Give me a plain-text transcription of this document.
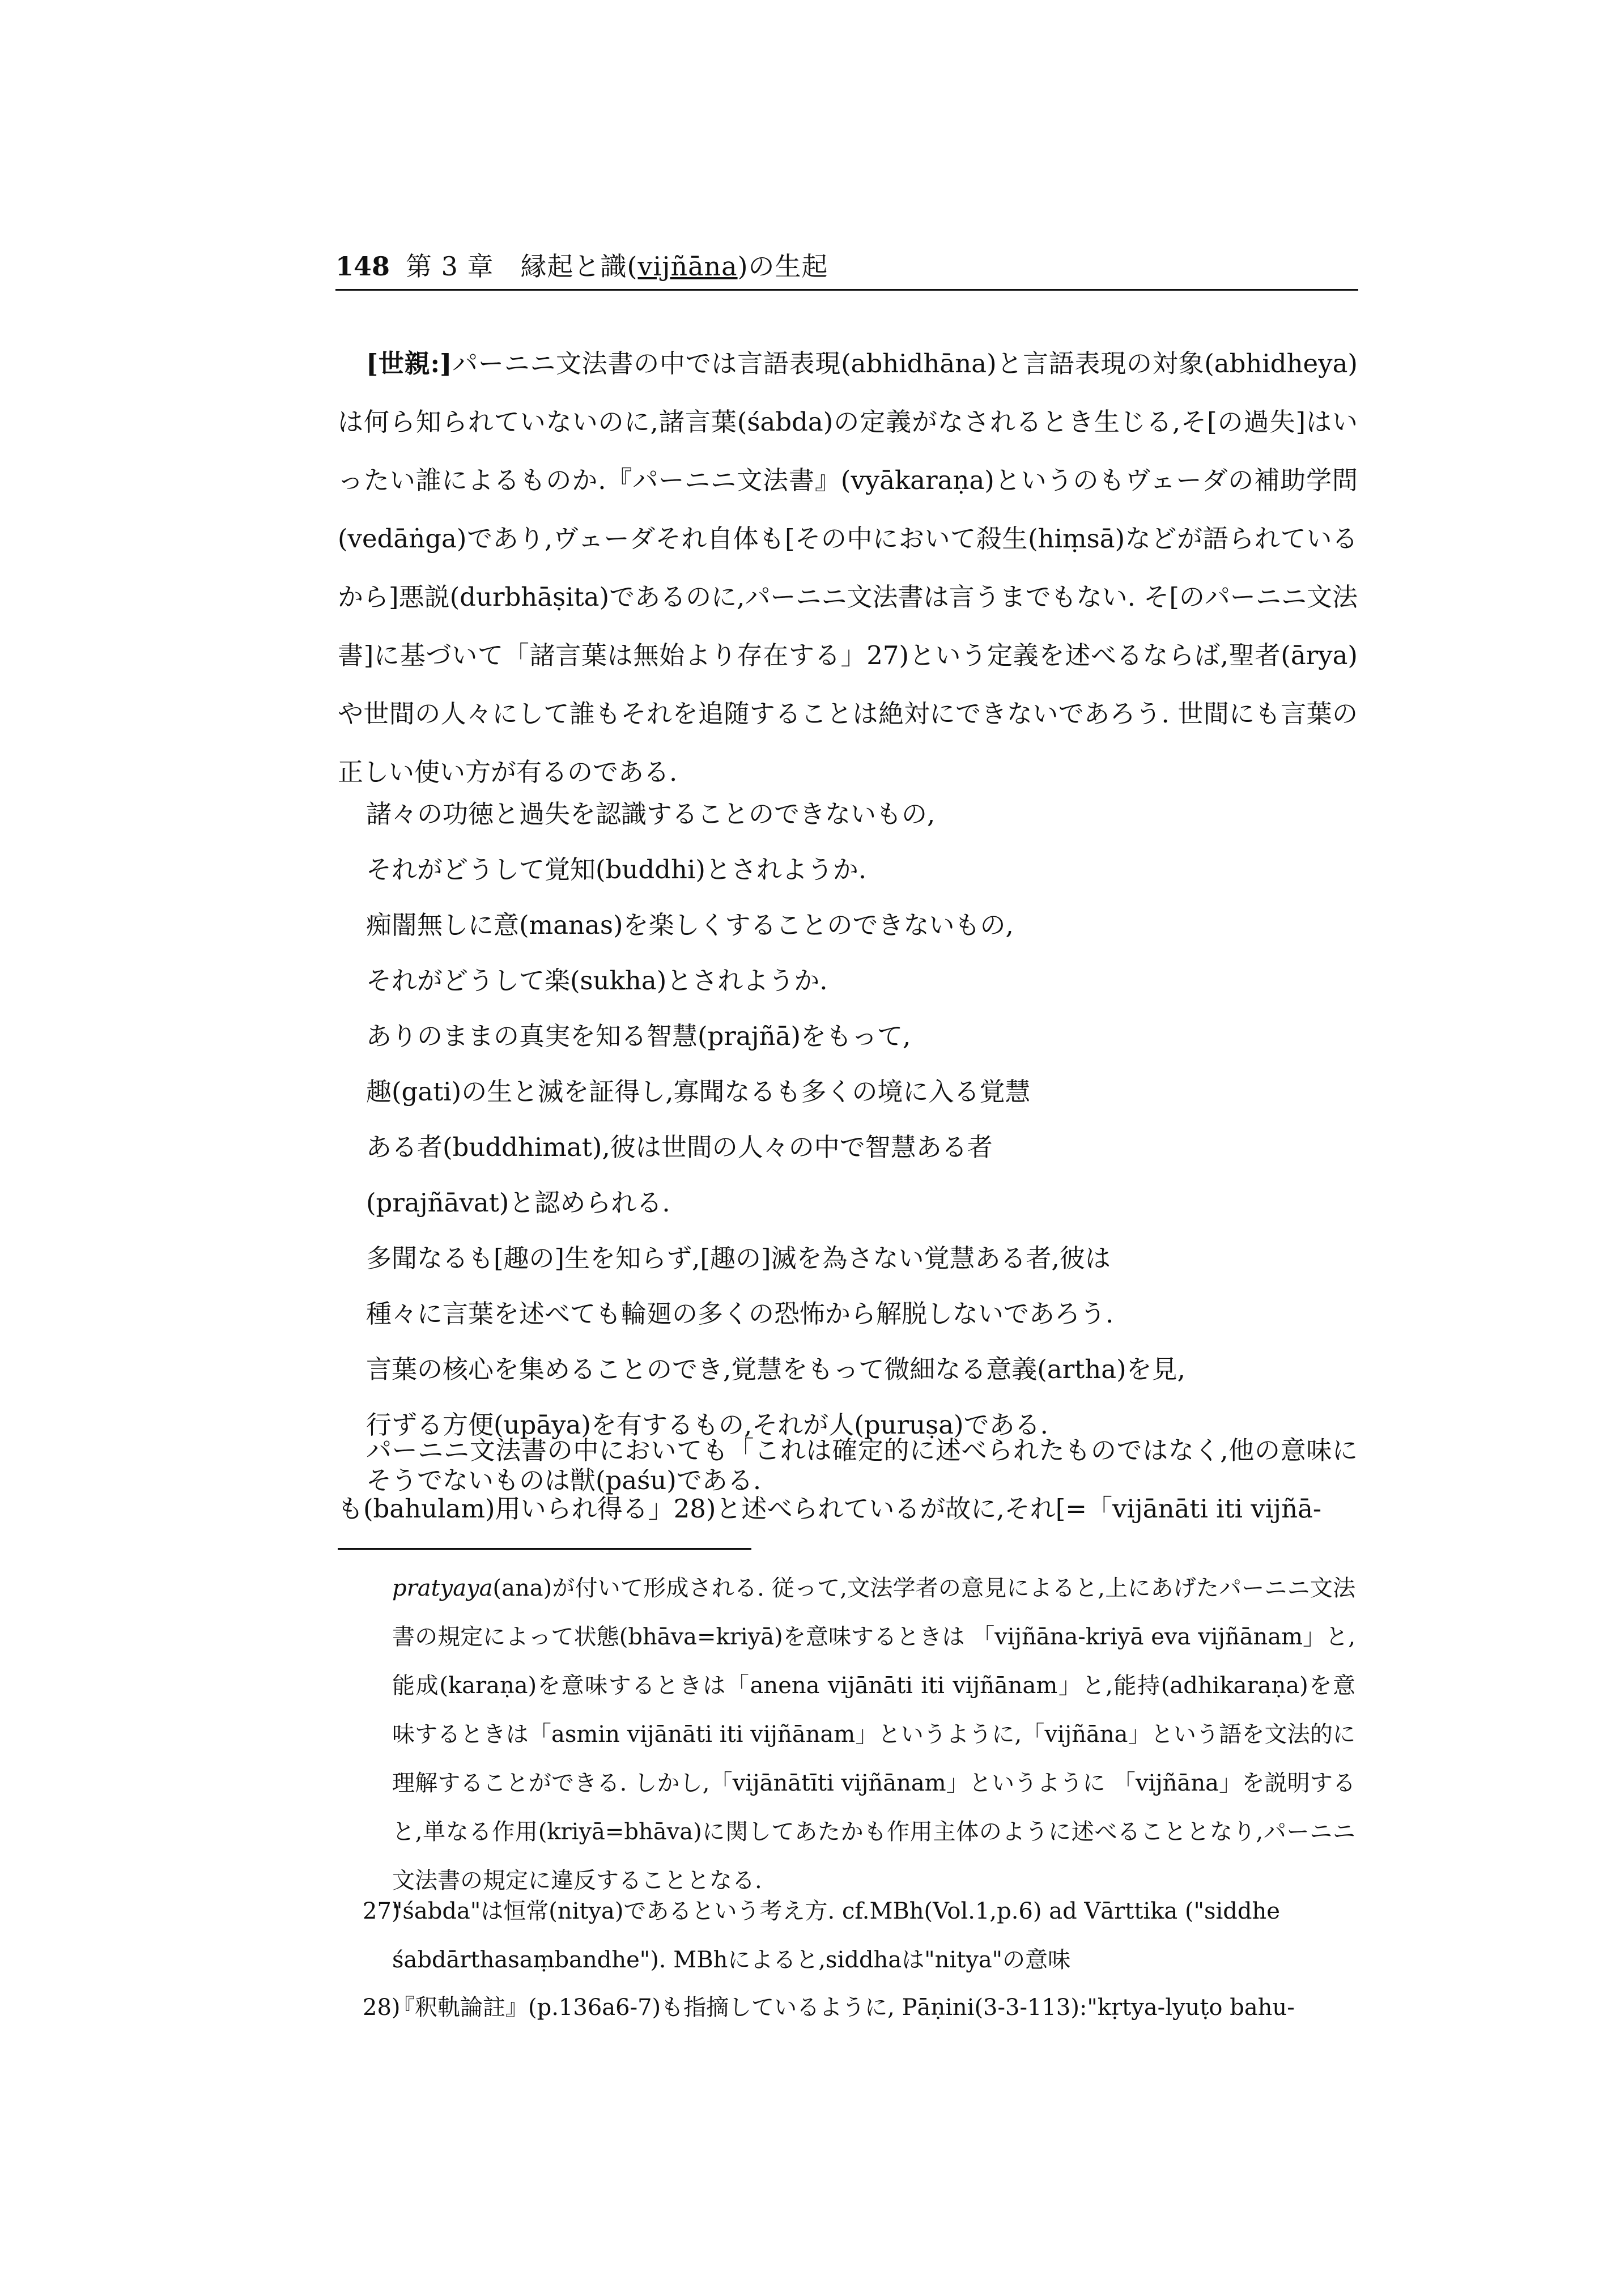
148 第 3 章　縁起と識(vijñāna)の生起
[世親:]パーニニ文法書の中では言語表現(abhidhāna)と言語表現の対象(abhidheya)は何ら知られていないのに,諸言葉(śabda)の定義がなされるとき生じる,そ[の過失]はいったい誰によるものか.『パーニニ文法書』(vyākaraṇa)というのもヴェーダの補助学問(vedāṅga)であり,ヴェーダそれ自体も[その中において殺生(hiṃsā)などが語られているから]悪説(durbhāṣita)であるのに,パーニニ文法書は言うまでもない. そ[のパーニニ文法書]に基づいて「諸言葉は無始より存在する」27)という定義を述べるならば,聖者(ārya)や世間の人々にして誰もそれを追随することは絶対にできないであろう. 世間にも言葉の正しい使い方が有るのである.
諸々の功徳と過失を認識することのできないもの,
それがどうして覚知(buddhi)とされようか.
痴闇無しに意(manas)を楽しくすることのできないもの,
それがどうして楽(sukha)とされようか.
ありのままの真実を知る智慧(prajñā)をもって,
趣(gati)の生と滅を証得し,寡聞なるも多くの境に入る覚慧
ある者(buddhimat),彼は世間の人々の中で智慧ある者
(prajñāvat)と認められる.
多聞なるも[趣の]生を知らず,[趣の]滅を為さない覚慧ある者,彼は
種々に言葉を述べても輪廻の多くの恐怖から解脱しないであろう.
言葉の核心を集めることのでき,覚慧をもって微細なる意義(artha)を見,
行ずる方便(upāya)を有するもの,それが人(puruṣa)である.
そうでないものは獣(paśu)である.
パーニニ文法書の中においても「これは確定的に述べられたものではなく,他の意味にも(bahulam)用いられ得る」28)と述べられているが故に,それ[=「vijānāti iti vijñā-
pratyaya(ana)が付いて形成される. 従って,文法学者の意見によると,上にあげたパーニニ文法書の規定によって状態(bhāva=kriyā)を意味するときは 「vijñāna-kriyā eva vijñānam」と,能成(karaṇa)を意味するときは「anena vijānāti iti vijñānam」と,能持(adhikaraṇa)を意味するときは「asmin vijānāti iti vijñānam」というように,「vijñāna」という語を文法的に理解することができる. しかし,「vijānātīti vijñānam」というように 「vijñāna」を説明すると,単なる作用(kriyā=bhāva)に関してあたかも作用主体のように述べることとなり,パーニニ文法書の規定に違反することとなる.
27)"śabda"は恒常(nitya)であるという考え方. cf.MBh(Vol.1,p.6) ad Vārttika ("siddhe
śabdārthasaṃbandhe"). MBhによると,siddhaは"nitya"の意味
28)『釈軌論註』(p.136a6-7)も指摘しているように, Pāṇini(3-3-113):"kṛtya-lyuṭo bahu-
